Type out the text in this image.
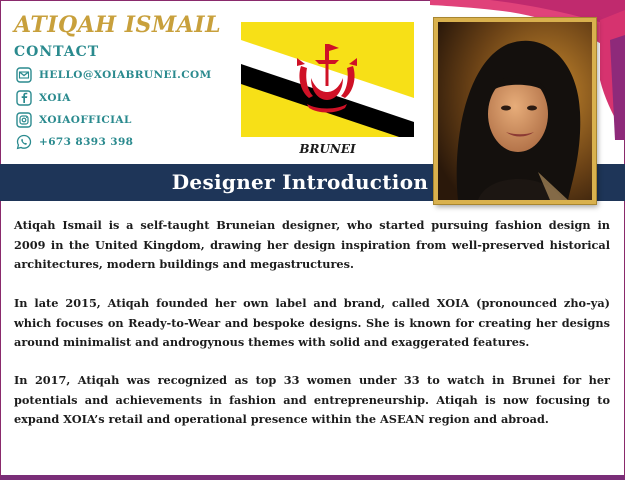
ATIQAH ISMAIL
CONTACT
HELLO@XOIABRUNEI.COM
XOIA
XOIAOFFICIAL
+673 8393 398
BRUNEI
Designer Introduction
Atiqah Ismail is a self-taught Bruneian designer, who started pursuing fashion design in 2009 in the United Kingdom, drawing her design inspiration from well-preserved historical architectures, modern buildings and megastructures.
In late 2015, Atiqah founded her own label and brand, called XOIA (pronounced zho-ya) which focuses on Ready-to-Wear and bespoke designs. She is known for creating her designs around minimalist and androgynous themes with solid and exaggerated features.
In 2017, Atiqah was recognized as top 33 women under 33 to watch in Brunei for her potentials and achievements in fashion and entrepreneurship. Atiqah is now focusing to expand XOIA’s retail and operational presence within the ASEAN region and abroad.
